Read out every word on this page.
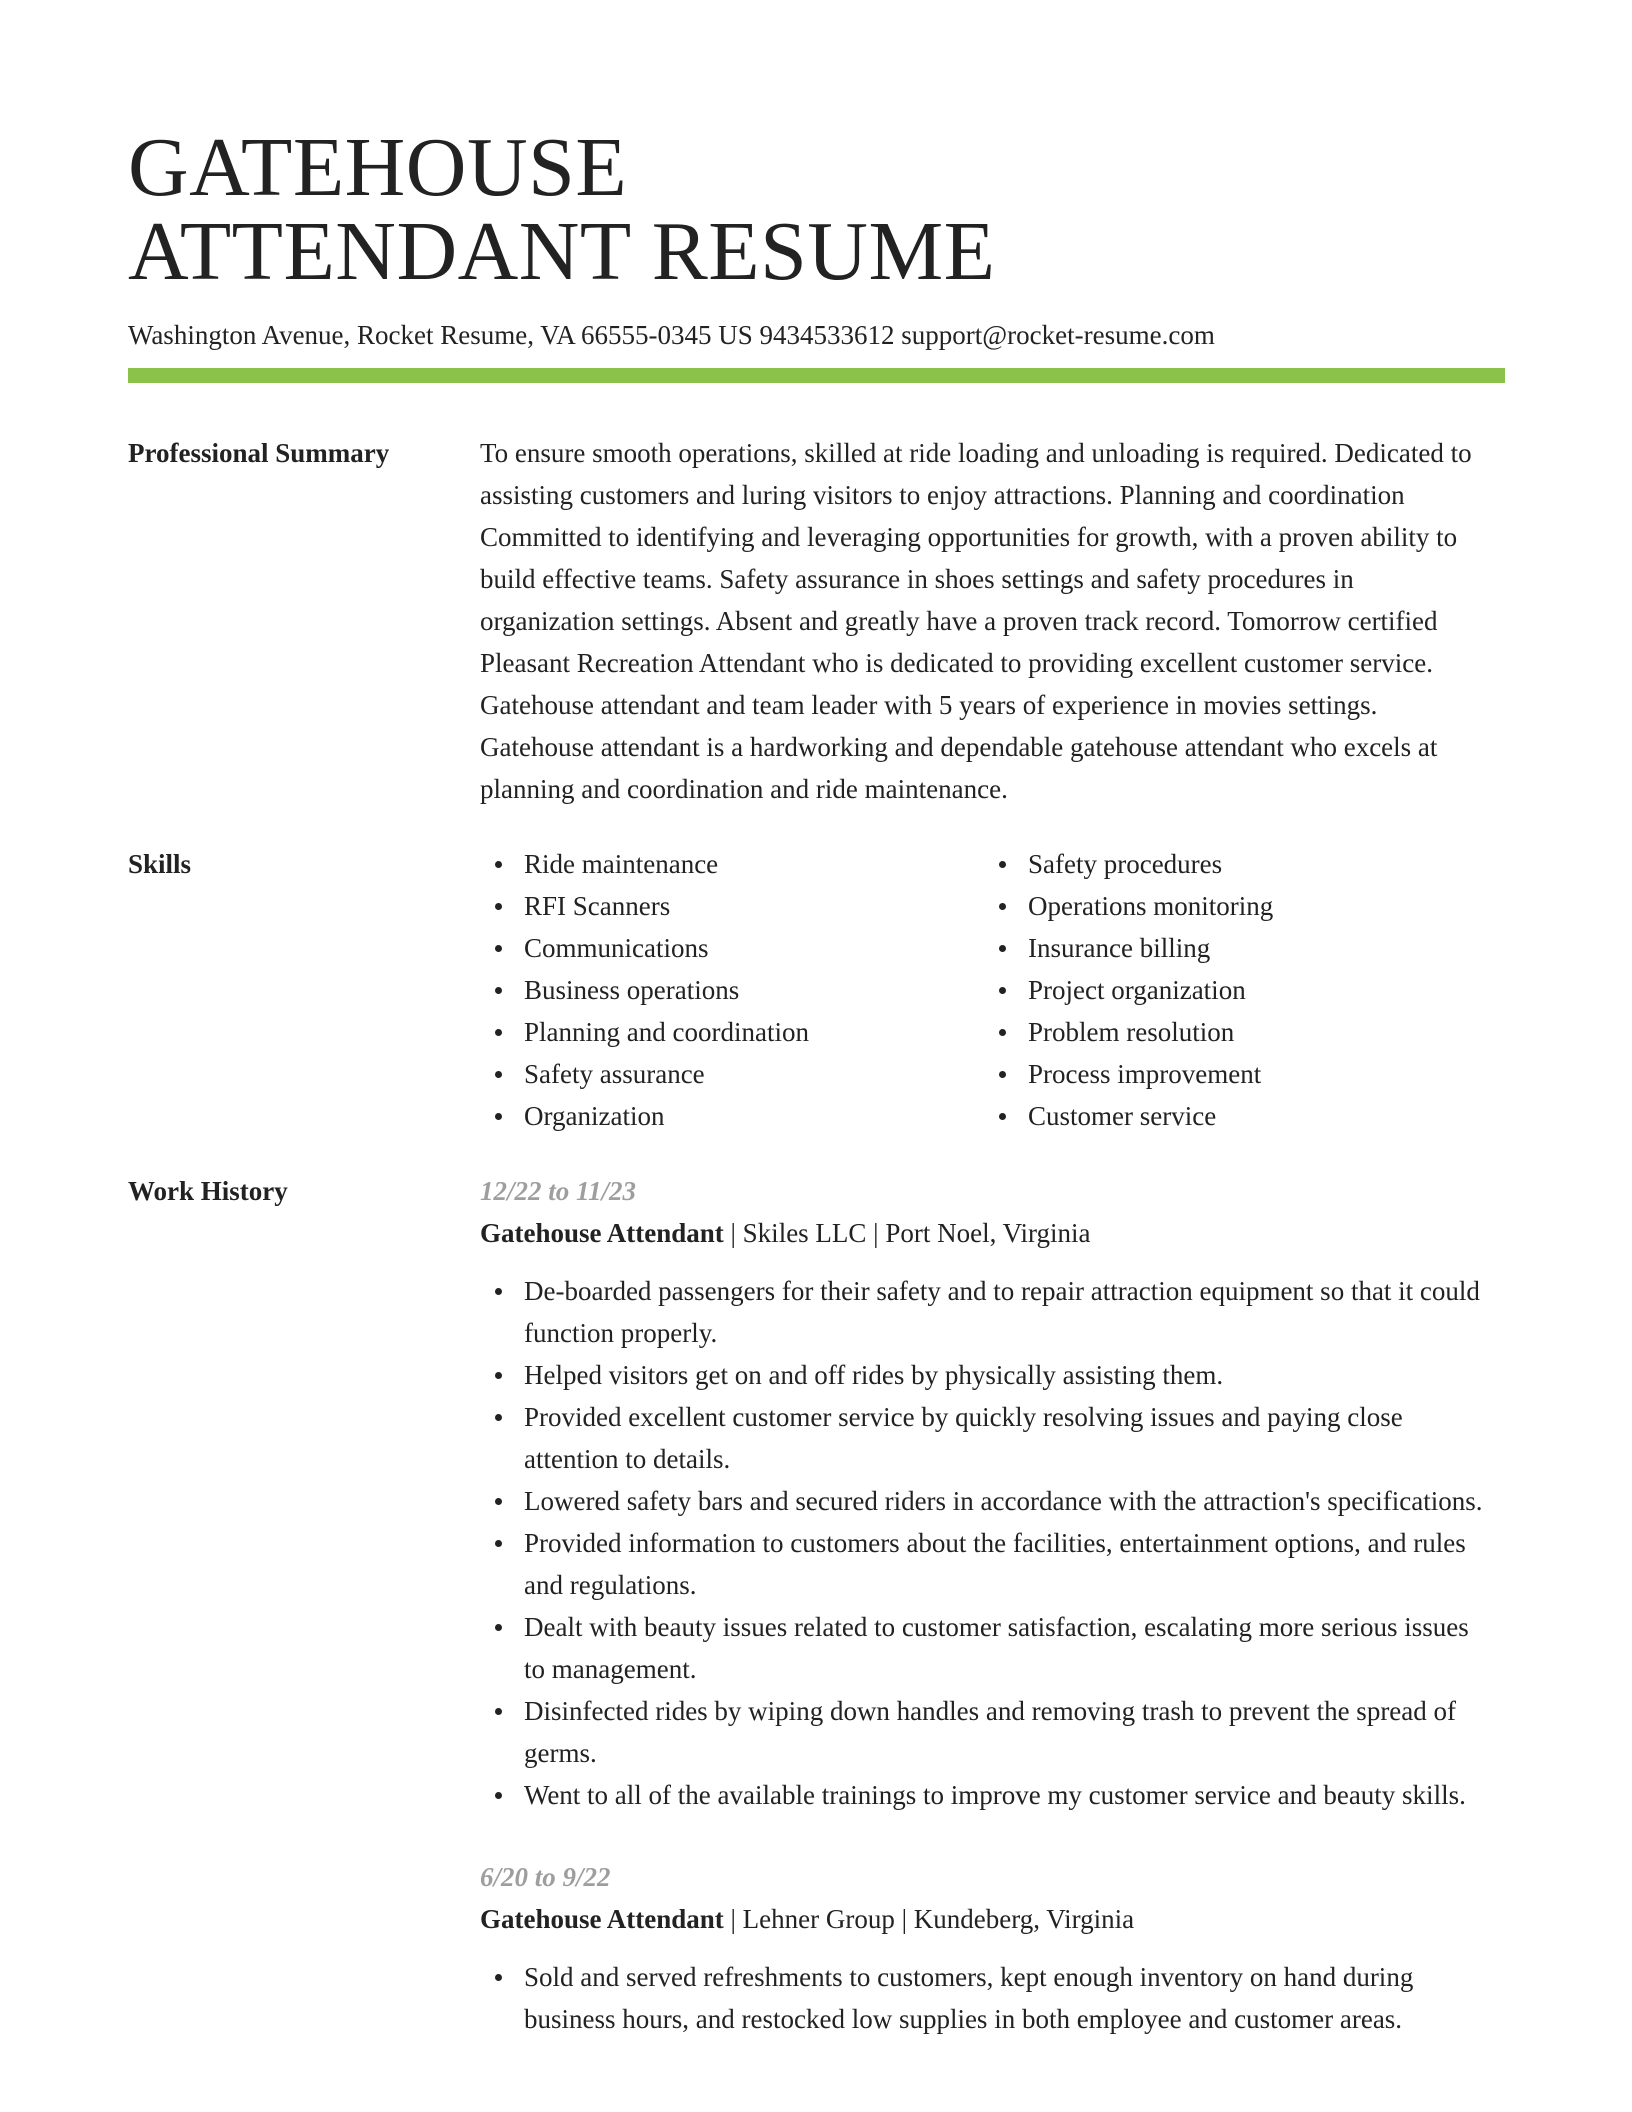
GATEHOUSE
ATTENDANT RESUME
Washington Avenue, Rocket Resume, VA 66555-0345 US 9434533612 support@rocket-resume.com
Professional Summary	To ensure smooth operations, skilled at ride loading and unloading is required. Dedicated to assisting customers and luring visitors to enjoy attractions. Planning and coordination Committed to identifying and leveraging opportunities for growth, with a proven ability to build effective teams. Safety assurance in shoes settings and safety procedures in organization settings. Absent and greatly have a proven track record. Tomorrow certified Pleasant Recreation Attendant who is dedicated to providing excellent customer service. Gatehouse attendant and team leader with 5 years of experience in movies settings. Gatehouse attendant is a hardworking and dependable gatehouse attendant who excels at planning and coordination and ride maintenance.

Skills	Ride maintenance
RFI Scanners
Communications
Business operations
Planning and coordination
Safety assurance
Organization
Safety procedures
Operations monitoring
Insurance billing
Project organization
Problem resolution
Process improvement
Customer service
Work History	12/22 to 11/23
Gatehouse Attendant | Skiles LLC | Port Noel, Virginia
De-boarded passengers for their safety and to repair attraction equipment so that it could function properly.
Helped visitors get on and off rides by physically assisting them.
Provided excellent customer service by quickly resolving issues and paying close attention to details.
Lowered safety bars and secured riders in accordance with the attraction's specifications.
Provided information to customers about the facilities, entertainment options, and rules and regulations.
Dealt with beauty issues related to customer satisfaction, escalating more serious issues to management.
Disinfected rides by wiping down handles and removing trash to prevent the spread of germs.
Went to all of the available trainings to improve my customer service and beauty skills.
6/20 to 9/22
Gatehouse Attendant | Lehner Group | Kundeberg, Virginia
Sold and served refreshments to customers, kept enough inventory on hand during business hours, and restocked low supplies in both employee and customer areas.
